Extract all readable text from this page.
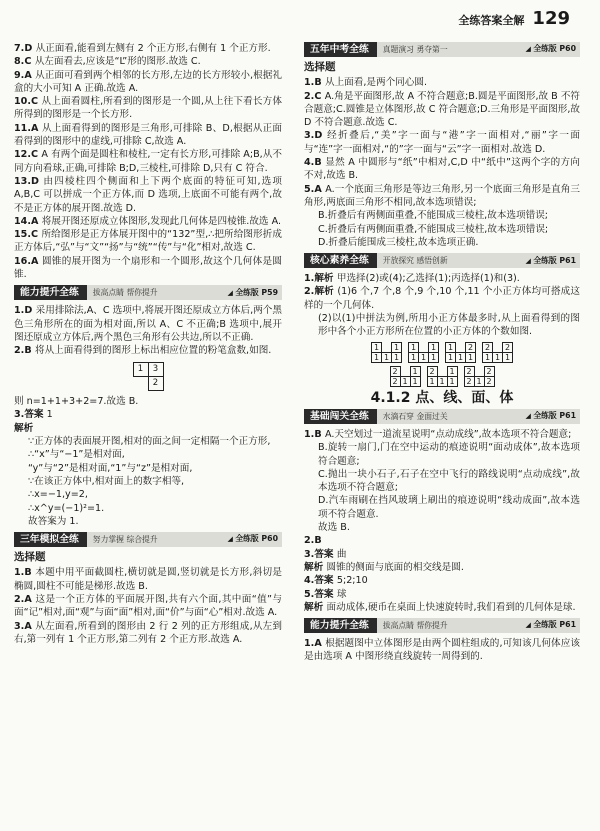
全练答案全解 129

7.D 从正面看,能看到左侧有 2 个正方形,右侧有 1 个正方形.

8.C 从左面看去,应该是“L”形的图形.故选 C.

9.A 从正面可看到两个相邻的长方形,左边的长方形较小,根据礼盒的大小可知 A 正确.故选 A.

10.C 从上面看圆柱,所看到的图形是一个圆,从上往下看长方体所得到的图形是一个长方形.

11.A 从上面看得到的图形是三角形,可排除 B、D,根据从正面看得到的图形中的虚线,可排除 C,故选 A.

12.C A 有两个面是圆柱和棱柱,一定有长方形,可排除 A;B,从不同方向看球,正确,可排除 B;D,三棱柱,可排除 D,只有 C 符合.

13.D 由四棱柱四个侧面和上下两个底面的特征可知,选项 A,B,C 可以拼成一个正方体,而 D 选项,上底面不可能有两个,故不是正方体的展开图.故选 D.

14.A 将展开图还原成立体图形,发现此几何体是四棱锥.故选 A.

15.C 所给图形是正方体展开图中的“132”型,∴把所给图形折成正方体后,“弘”与“文”“扬”与“统”“传”与“化”相对,故选 C.

16.A 圆锥的展开图为一个扇形和一个圆形,故这个几何体是圆锥.

能力提升全练	拔高点睛 帮你提升	◢ 全练版 P59

1.D 采用排除法,A、C 选项中,将展开图还原成立方体后,两个黑色三角形所在的面为相对面,所以 A、C 不正确;B 选项中,展开图还原成立方体后,两个黑色三角形有公共边,所以不正确.

2.B 将从上面看得到的图形上标出相应位置的粉笔盒数,如图.

1	3
	2

则 n=1+1+3+2=7.故选 B.

3.答案 1

解析

∵正方体的表面展开图,相对的面之间一定相隔一个正方形,

∴“x”与“−1”是相对面,

“y”与“2”是相对面,“1”与“z”是相对面,

∵在该正方体中,相对面上的数字相等,

∴x=−1,y=2,

∴x^y=(−1)²=1.

故答案为 1.

三年模拟全练	努力掌握 综合提升	◢ 全练版 P60
选择题

1.B 本题中用平面截圆柱,横切就是圆,竖切就是长方形,斜切是椭圆,圆柱不可能是梯形.故选 B.

2.A 这是一个正方体的平面展开图,共有六个面,其中面“值”与面“记”相对,面“观”与面“面”相对,面“价”与面“心”相对.故选 A.

3.A 从左面看,所看到的图形由 2 行 2 列的正方形组成,从左到右,第一列有 1 个正方形,第二列有 2 个正方形.故选 A.

五年中考全练	真题演习 勇夺第一	◢ 全练版 P60
选择题

1.B 从上面看,是两个同心圆.

2.C A.角是平面图形,故 A 不符合题意;B.圆是平面图形,故 B 不符合题意;C.圆锥是立体图形,故 C 符合题意;D.三角形是平面图形,故 D 不符合题意.故选 C.

3.D 经折叠后,“美”字一面与“港”字一面相对,“丽”字一面与“连”字一面相对,“的”字一面与“云”字一面相对.故选 D.

4.B 显然 A 中圆形与“纸”中相对,C,D 中“纸中”这两个字的方向不对,故选 B.

5.A A.一个底面三角形是等边三角形,另一个底面三角形是直角三角形,两底面三角形不相同,故本选项错误;

B.折叠后有两侧面重叠,不能围成三棱柱,故本选项错误;

C.折叠后有两侧面重叠,不能围成三棱柱,故本选项错误;

D.折叠后能围成三棱柱,故本选项正确.

核心素养全练	开放探究 感悟创新	◢ 全练版 P61

1.解析 甲选择(2)或(4);乙选择(1);丙选择(1)和(3).

2.解析 (1)6 个,7 个,8 个,9 个,10 个,11 个小正方体均可搭成这样的一个几何体.

(2)以(1)中拼法为例,所用小正方体最多时,从上面看得到的图形中各个小正方形所在位置的小正方体的个数如图.

1		1
1	1	1
1		1
1	1	1
1		2
1	1	1
2		2
1	1	1
2		1
2	1	1
2		1
1	1	1
2		2
2	1	2
4.1.2 点、线、面、体
基础闯关全练	水滴石穿 金面过关	◢ 全练版 P61

1.B A.天空划过一道流星说明“点动成线”,故本选项不符合题意;

B.旋转一扇门,门在空中运动的痕迹说明“面动成体”,故本选项符合题意;

C.抛出一块小石子,石子在空中飞行的路线说明“点动成线”,故本选项不符合题意;

D.汽车雨刷在挡风玻璃上刷出的痕迹说明“线动成面”,故本选项不符合题意.

故选 B.

2.B

3.答案 曲

解析 圆锥的侧面与底面的相交线是圆.

4.答案 5;2;10

5.答案 球

解析 面动成体,硬币在桌面上快速旋转时,我们看到的几何体是球.

能力提升全练	拔高点睛 帮你提升	◢ 全练版 P61

1.A 根据题图中立体图形是由两个圆柱组成的,可知该几何体应该是由选项 A 中图形绕直线旋转一周得到的.
